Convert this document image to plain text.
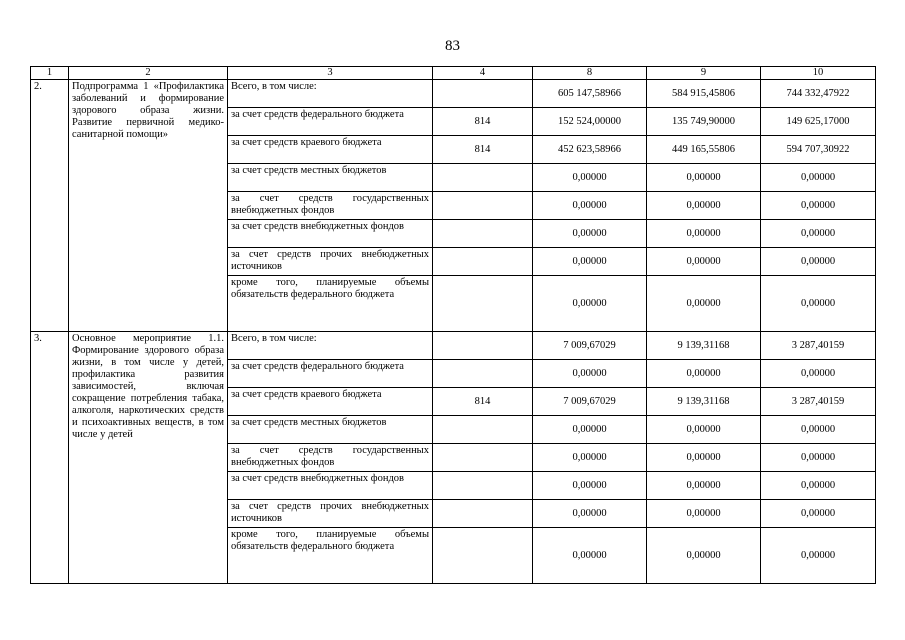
83
1	2	3	4	8	9	10
2.	Подпрограмма 1 «Профилактика заболеваний и формирование здорового образа жизни. Развитие первичной медико-санитарной помощи»	Всего, в том числе:		605 147,58966	584 915,45806	744 332,47922
		за счет средств федерального бюджета	814	152 524,00000	135 749,90000	149 625,17000
		за счет средств краевого бюджета	814	452 623,58966	449 165,55806	594 707,30922
		за счет средств местных бюджетов		0,00000	0,00000	0,00000
		за счет средств государственных внебюджетных фондов		0,00000	0,00000	0,00000
		за счет средств внебюджетных фондов		0,00000	0,00000	0,00000
		за счет средств прочих внебюджетных источников		0,00000	0,00000	0,00000
		кроме того, планируемые объемы обязательств федерального бюджета		0,00000	0,00000	0,00000
3.	Основное мероприятие 1.1. Формирование здорового образа жизни, в том числе у детей, профилактика развития зависимостей, включая сокращение потребления табака, алкоголя, наркотических средств и психоактивных веществ, в том числе у детей	Всего, в том числе:		7 009,67029	9 139,31168	3 287,40159
		за счет средств федерального бюджета		0,00000	0,00000	0,00000
		за счет средств краевого бюджета	814	7 009,67029	9 139,31168	3 287,40159
		за счет средств местных бюджетов		0,00000	0,00000	0,00000
		за счет средств государственных внебюджетных фондов		0,00000	0,00000	0,00000
		за счет средств внебюджетных фондов		0,00000	0,00000	0,00000
		за счет средств прочих внебюджетных источников		0,00000	0,00000	0,00000
		кроме того, планируемые объемы обязательств федерального бюджета		0,00000	0,00000	0,00000
